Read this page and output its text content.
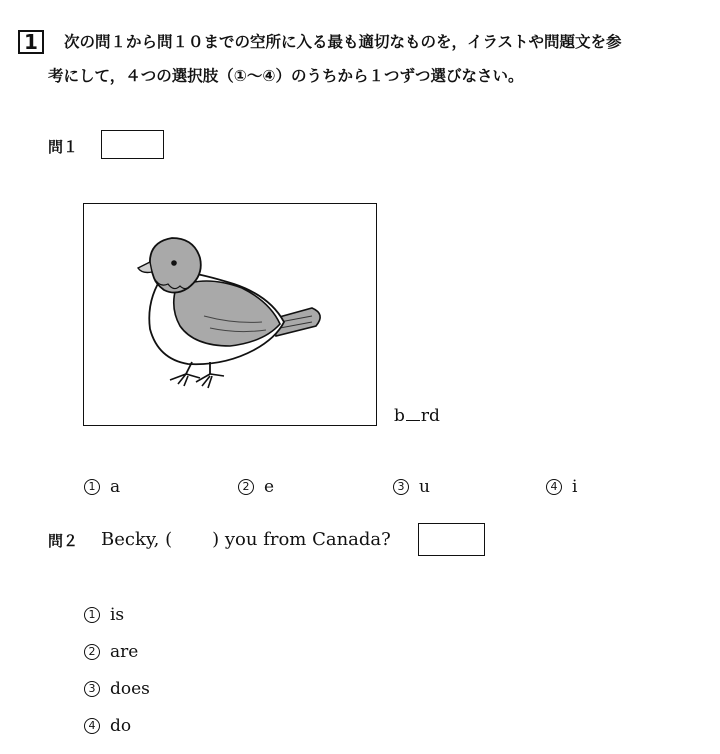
1	次の問１から問１０までの空所に入る最も適切なものを，イラストや問題文を参
考にして，４つの選択肢（①〜④）のうちから１つずつ選びなさい。
問１
b rd
1 a	2 e	3 u	4 i
問２ Becky, ( ) you from Canada?
1 is
2 are
3 does
4 do
